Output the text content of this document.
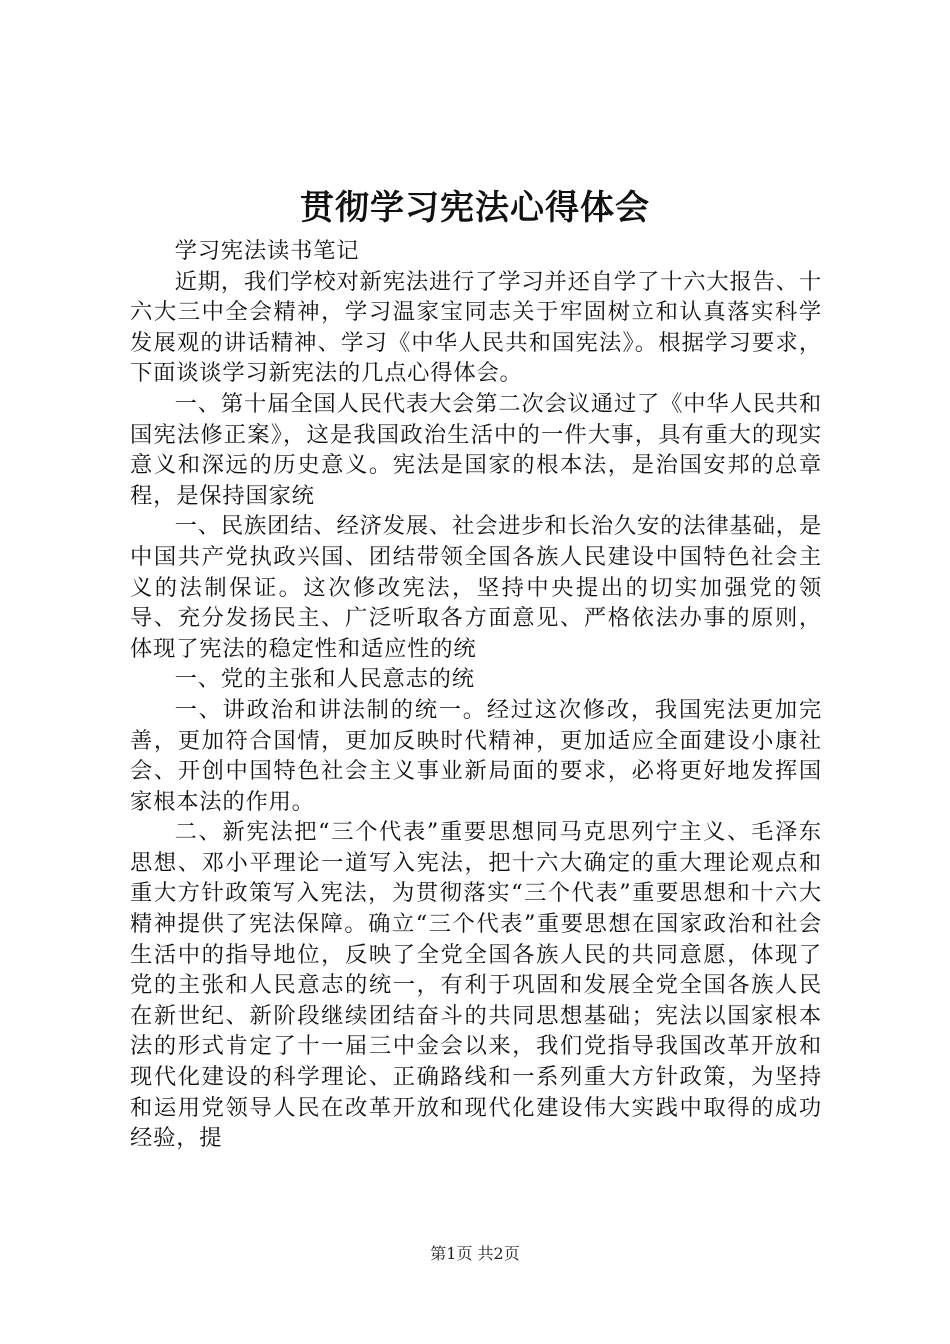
贯彻学习宪法心得体会

学习宪法读书笔记

近期，我们学校对新宪法进行了学习并还自学了十六大报告、十六大三中全会精神，学习温家宝同志关于牢固树立和认真落实科学发展观的讲话精神、学习《中华人民共和国宪法》。根据学习要求，下面谈谈学习新宪法的几点心得体会。

一、第十届全国人民代表大会第二次会议通过了《中华人民共和国宪法修正案》，这是我国政治生活中的一件大事，具有重大的现实意义和深远的历史意义。宪法是国家的根本法，是治国安邦的总章程，是保持国家统

一、民族团结、经济发展、社会进步和长治久安的法律基础，是中国共产党执政兴国、团结带领全国各族人民建设中国特色社会主义的法制保证。这次修改宪法，坚持中央提出的切实加强党的领导、充分发扬民主、广泛听取各方面意见、严格依法办事的原则，体现了宪法的稳定性和适应性的统

一、党的主张和人民意志的统

一、讲政治和讲法制的统一。经过这次修改，我国宪法更加完善，更加符合国情，更加反映时代精神，更加适应全面建设小康社会、开创中国特色社会主义事业新局面的要求，必将更好地发挥国家根本法的作用。

二、新宪法把“三个代表”重要思想同马克思列宁主义、毛泽东思想、邓小平理论一道写入宪法，把十六大确定的重大理论观点和重大方针政策写入宪法，为贯彻落实“三个代表”重要思想和十六大精神提供了宪法保障。确立“三个代表”重要思想在国家政治和社会生活中的指导地位，反映了全党全国各族人民的共同意愿，体现了党的主张和人民意志的统一，有利于巩固和发展全党全国各族人民在新世纪、新阶段继续团结奋斗的共同思想基础；宪法以国家根本法的形式肯定了十一届三中金会以来，我们党指导我国改革开放和现代化建设的科学理论、正确路线和一系列重大方针政策，为坚持和运用党领导人民在改革开放和现代化建设伟大实践中取得的成功经验，提

第1页 共2页
